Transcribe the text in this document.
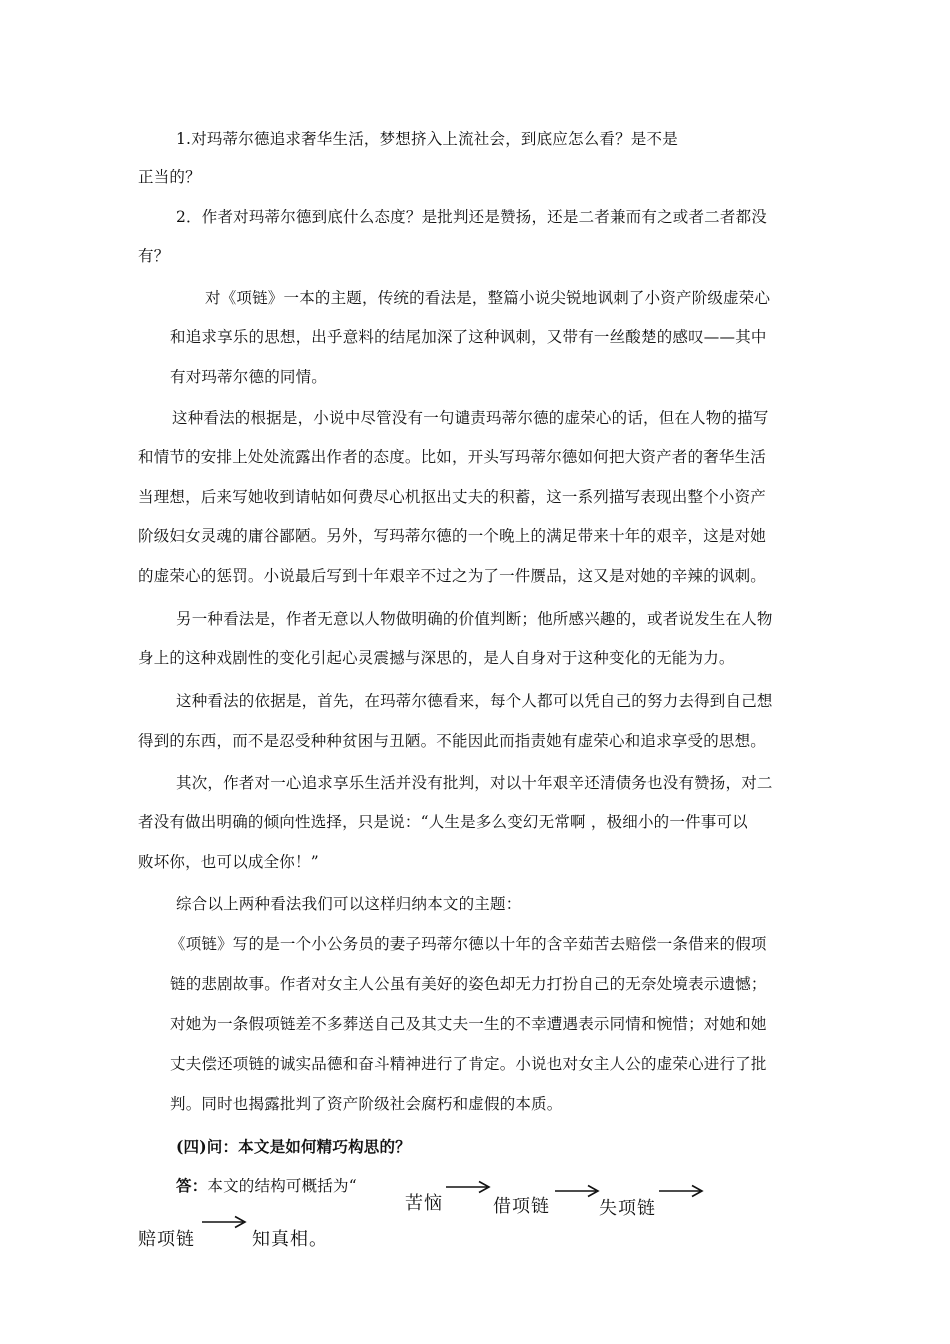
1.对玛蒂尔德追求奢华生活，梦想挤入上流社会，到底应怎么看？是不是
正当的？
2．作者对玛蒂尔德到底什么态度？是批判还是赞扬，还是二者兼而有之或者二者都没
有？
对《项链》一本的主题，传统的看法是，整篇小说尖锐地讽刺了小资产阶级虚荣心
和追求享乐的思想，出乎意料的结尾加深了这种讽刺，又带有一丝酸楚的感叹——其中
有对玛蒂尔德的同情。
这种看法的根据是，小说中尽管没有一句谴责玛蒂尔德的虚荣心的话，但在人物的描写
和情节的安排上处处流露出作者的态度。比如，开头写玛蒂尔德如何把大资产者的奢华生活
当理想，后来写她收到请帖如何费尽心机抠出丈夫的积蓄，这一系列描写表现出整个小资产
阶级妇女灵魂的庸谷鄙陋。另外，写玛蒂尔德的一个晚上的满足带来十年的艰辛，这是对她
的虚荣心的惩罚。小说最后写到十年艰辛不过之为了一件赝品，这又是对她的辛辣的讽刺。
另一种看法是，作者无意以人物做明确的价值判断；他所感兴趣的，或者说发生在人物
身上的这种戏剧性的变化引起心灵震撼与深思的，是人自身对于这种变化的无能为力。
这种看法的依据是，首先，在玛蒂尔德看来，每个人都可以凭自己的努力去得到自己想
得到的东西，而不是忍受种种贫困与丑陋。不能因此而指责她有虚荣心和追求享受的思想。
其次，作者对一心追求享乐生活并没有批判，对以十年艰辛还清债务也没有赞扬，对二
者没有做出明确的倾向性选择，只是说：“人生是多么变幻无常啊 ，极细小的一件事可以
败坏你，也可以成全你！”
综合以上两种看法我们可以这样归纳本文的主题：
《项链》写的是一个小公务员的妻子玛蒂尔德以十年的含辛茹苦去赔偿一条借来的假项
链的悲剧故事。作者对女主人公虽有美好的姿色却无力打扮自己的无奈处境表示遗憾；
对她为一条假项链差不多葬送自己及其丈夫一生的不幸遭遇表示同情和惋惜；对她和她
丈夫偿还项链的诚实品德和奋斗精神进行了肯定。小说也对女主人公的虚荣心进行了批
判。同时也揭露批判了资产阶级社会腐朽和虚假的本质。
(四)问：本文是如何精巧构思的？
答：本文的结构可概括为“
苦恼	借项链	失项链
赔项链	知真相。
